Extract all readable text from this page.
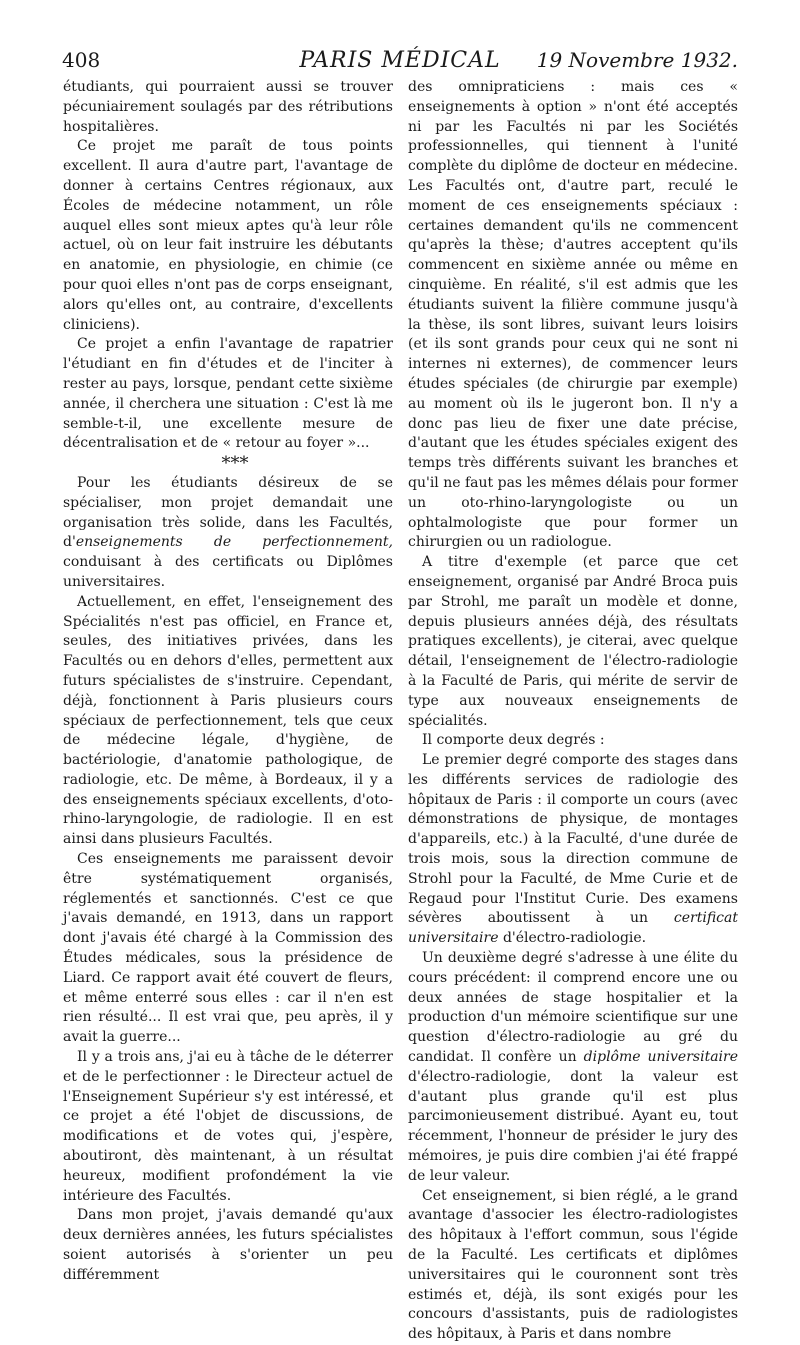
408	PARIS MÉDICAL	19 Novembre 1932.

étudiants, qui pourraient aussi se trouver pécuniairement soulagés par des rétributions hospitalières.

Ce projet me paraît de tous points excellent. Il aura d'autre part, l'avantage de donner à certains Centres régionaux, aux Écoles de médecine notamment, un rôle auquel elles sont mieux aptes qu'à leur rôle actuel, où on leur fait instruire les débutants en anatomie, en physiologie, en chimie (ce pour quoi elles n'ont pas de corps enseignant, alors qu'elles ont, au contraire, d'excellents cliniciens).

Ce projet a enfin l'avantage de rapatrier l'étudiant en fin d'études et de l'inciter à rester au pays, lorsque, pendant cette sixième année, il cherchera une situation : C'est là me semble-t-il, une excellente mesure de décentralisation et de « retour au foyer »...

***

Pour les étudiants désireux de se spécialiser, mon projet demandait une organisation très solide, dans les Facultés, d'enseignements de perfectionnement, conduisant à des certificats ou Diplômes universitaires.

Actuellement, en effet, l'enseignement des Spécialités n'est pas officiel, en France et, seules, des initiatives privées, dans les Facultés ou en dehors d'elles, permettent aux futurs spécialistes de s'instruire. Cependant, déjà, fonctionnent à Paris plusieurs cours spéciaux de perfectionnement, tels que ceux de médecine légale, d'hygiène, de bactériologie, d'anatomie pathologique, de radiologie, etc. De même, à Bordeaux, il y a des enseignements spéciaux excellents, d'oto-rhino-laryngologie, de radiologie. Il en est ainsi dans plusieurs Facultés.

Ces enseignements me paraissent devoir être systématiquement organisés, réglementés et sanctionnés. C'est ce que j'avais demandé, en 1913, dans un rapport dont j'avais été chargé à la Commission des Études médicales, sous la présidence de Liard. Ce rapport avait été couvert de fleurs, et même enterré sous elles : car il n'en est rien résulté... Il est vrai que, peu après, il y avait la guerre...

Il y a trois ans, j'ai eu à tâche de le déterrer et de le perfectionner : le Directeur actuel de l'Enseignement Supérieur s'y est intéressé, et ce projet a été l'objet de discussions, de modifications et de votes qui, j'espère, aboutiront, dès maintenant, à un résultat heureux, modifient profondément la vie intérieure des Facultés.

Dans mon projet, j'avais demandé qu'aux deux dernières années, les futurs spécialistes soient autorisés à s'orienter un peu différemment

des omnipraticiens : mais ces « enseignements à option » n'ont été acceptés ni par les Facultés ni par les Sociétés professionnelles, qui tiennent à l'unité complète du diplôme de docteur en médecine. Les Facultés ont, d'autre part, reculé le moment de ces enseignements spéciaux : certaines demandent qu'ils ne commencent qu'après la thèse; d'autres acceptent qu'ils commencent en sixième année ou même en cinquième. En réalité, s'il est admis que les étudiants suivent la filière commune jusqu'à la thèse, ils sont libres, suivant leurs loisirs (et ils sont grands pour ceux qui ne sont ni internes ni externes), de commencer leurs études spéciales (de chirurgie par exemple) au moment où ils le jugeront bon. Il n'y a donc pas lieu de fixer une date précise, d'autant que les études spéciales exigent des temps très différents suivant les branches et qu'il ne faut pas les mêmes délais pour former un oto-rhino-laryngologiste ou un ophtalmologiste que pour former un chirurgien ou un radiologue.

A titre d'exemple (et parce que cet enseignement, organisé par André Broca puis par Strohl, me paraît un modèle et donne, depuis plusieurs années déjà, des résultats pratiques excellents), je citerai, avec quelque détail, l'enseignement de l'électro-radiologie à la Faculté de Paris, qui mérite de servir de type aux nouveaux enseignements de spécialités.

Il comporte deux degrés :

Le premier degré comporte des stages dans les différents services de radiologie des hôpitaux de Paris : il comporte un cours (avec démonstrations de physique, de montages d'appareils, etc.) à la Faculté, d'une durée de trois mois, sous la direction commune de Strohl pour la Faculté, de Mme Curie et de Regaud pour l'Institut Curie. Des examens sévères aboutissent à un certificat universitaire d'électro-radiologie.

Un deuxième degré s'adresse à une élite du cours précédent: il comprend encore une ou deux années de stage hospitalier et la production d'un mémoire scientifique sur une question d'électro-radiologie au gré du candidat. Il confère un diplôme universitaire d'électro-radiologie, dont la valeur est d'autant plus grande qu'il est plus parcimonieusement distribué. Ayant eu, tout récemment, l'honneur de présider le jury des mémoires, je puis dire combien j'ai été frappé de leur valeur.

Cet enseignement, si bien réglé, a le grand avantage d'associer les électro-radiologistes des hôpitaux à l'effort commun, sous l'égide de la Faculté. Les certificats et diplômes universitaires qui le couronnent sont très estimés et, déjà, ils sont exigés pour les concours d'assistants, puis de radiologistes des hôpitaux, à Paris et dans nombre
